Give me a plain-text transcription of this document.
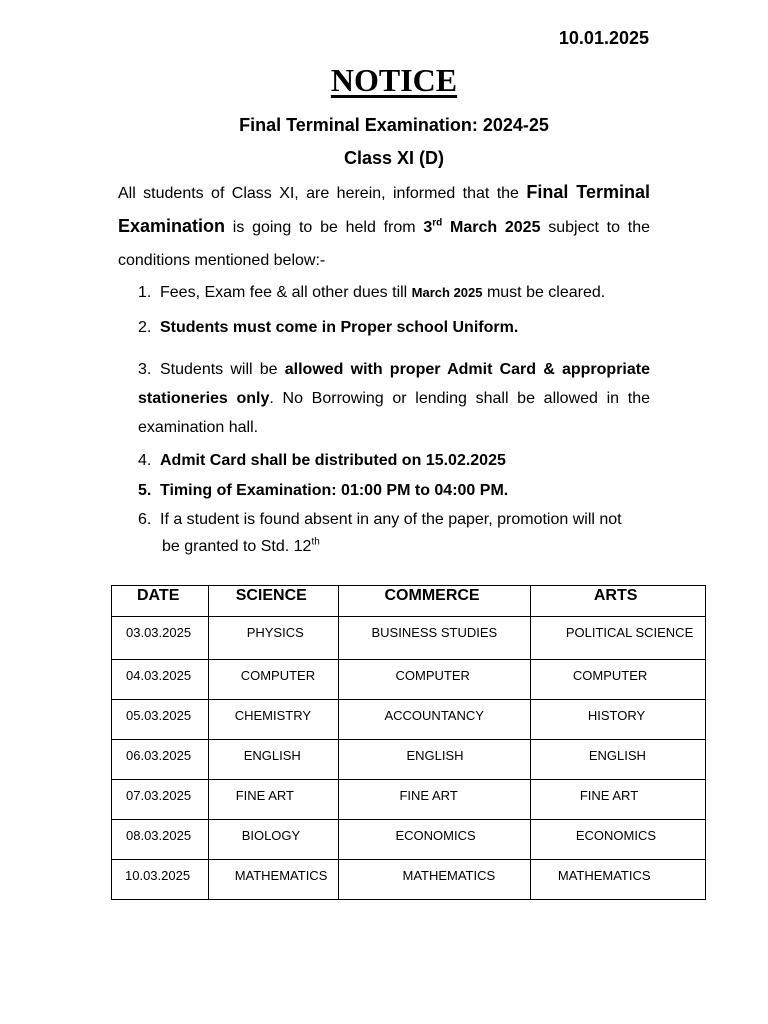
10.01.2025
NOTICE
Final Terminal Examination: 2024-25
Class XI (D)
All students of Class XI, are herein, informed that the Final Terminal Examination is going to be held from 3rd March 2025 subject to the conditions mentioned below:-
1. Fees, Exam fee & all other dues till March 2025 must be cleared.
2. Students must come in Proper school Uniform.
3. Students will be allowed with proper Admit Card & appropriate stationeries only. No Borrowing or lending shall be allowed in the examination hall.
4. Admit Card shall be distributed on 15.02.2025
5. Timing of Examination: 01:00 PM to 04:00 PM.
6. If a student is found absent in any of the paper, promotion will not
be granted to Std. 12th
DATE	SCIENCE	COMMERCE	ARTS

03.03.2025	PHYSICS	BUSINESS STUDIES	POLITICAL SCIENCE

04.03.2025	COMPUTER	COMPUTER	COMPUTER

05.03.2025	CHEMISTRY	ACCOUNTANCY	HISTORY

06.03.2025	ENGLISH	ENGLISH	ENGLISH

07.03.2025	FINE ART	FINE ART	FINE ART

08.03.2025	BIOLOGY	ECONOMICS	ECONOMICS

10.03.2025	MATHEMATICS	MATHEMATICS	MATHEMATICS
